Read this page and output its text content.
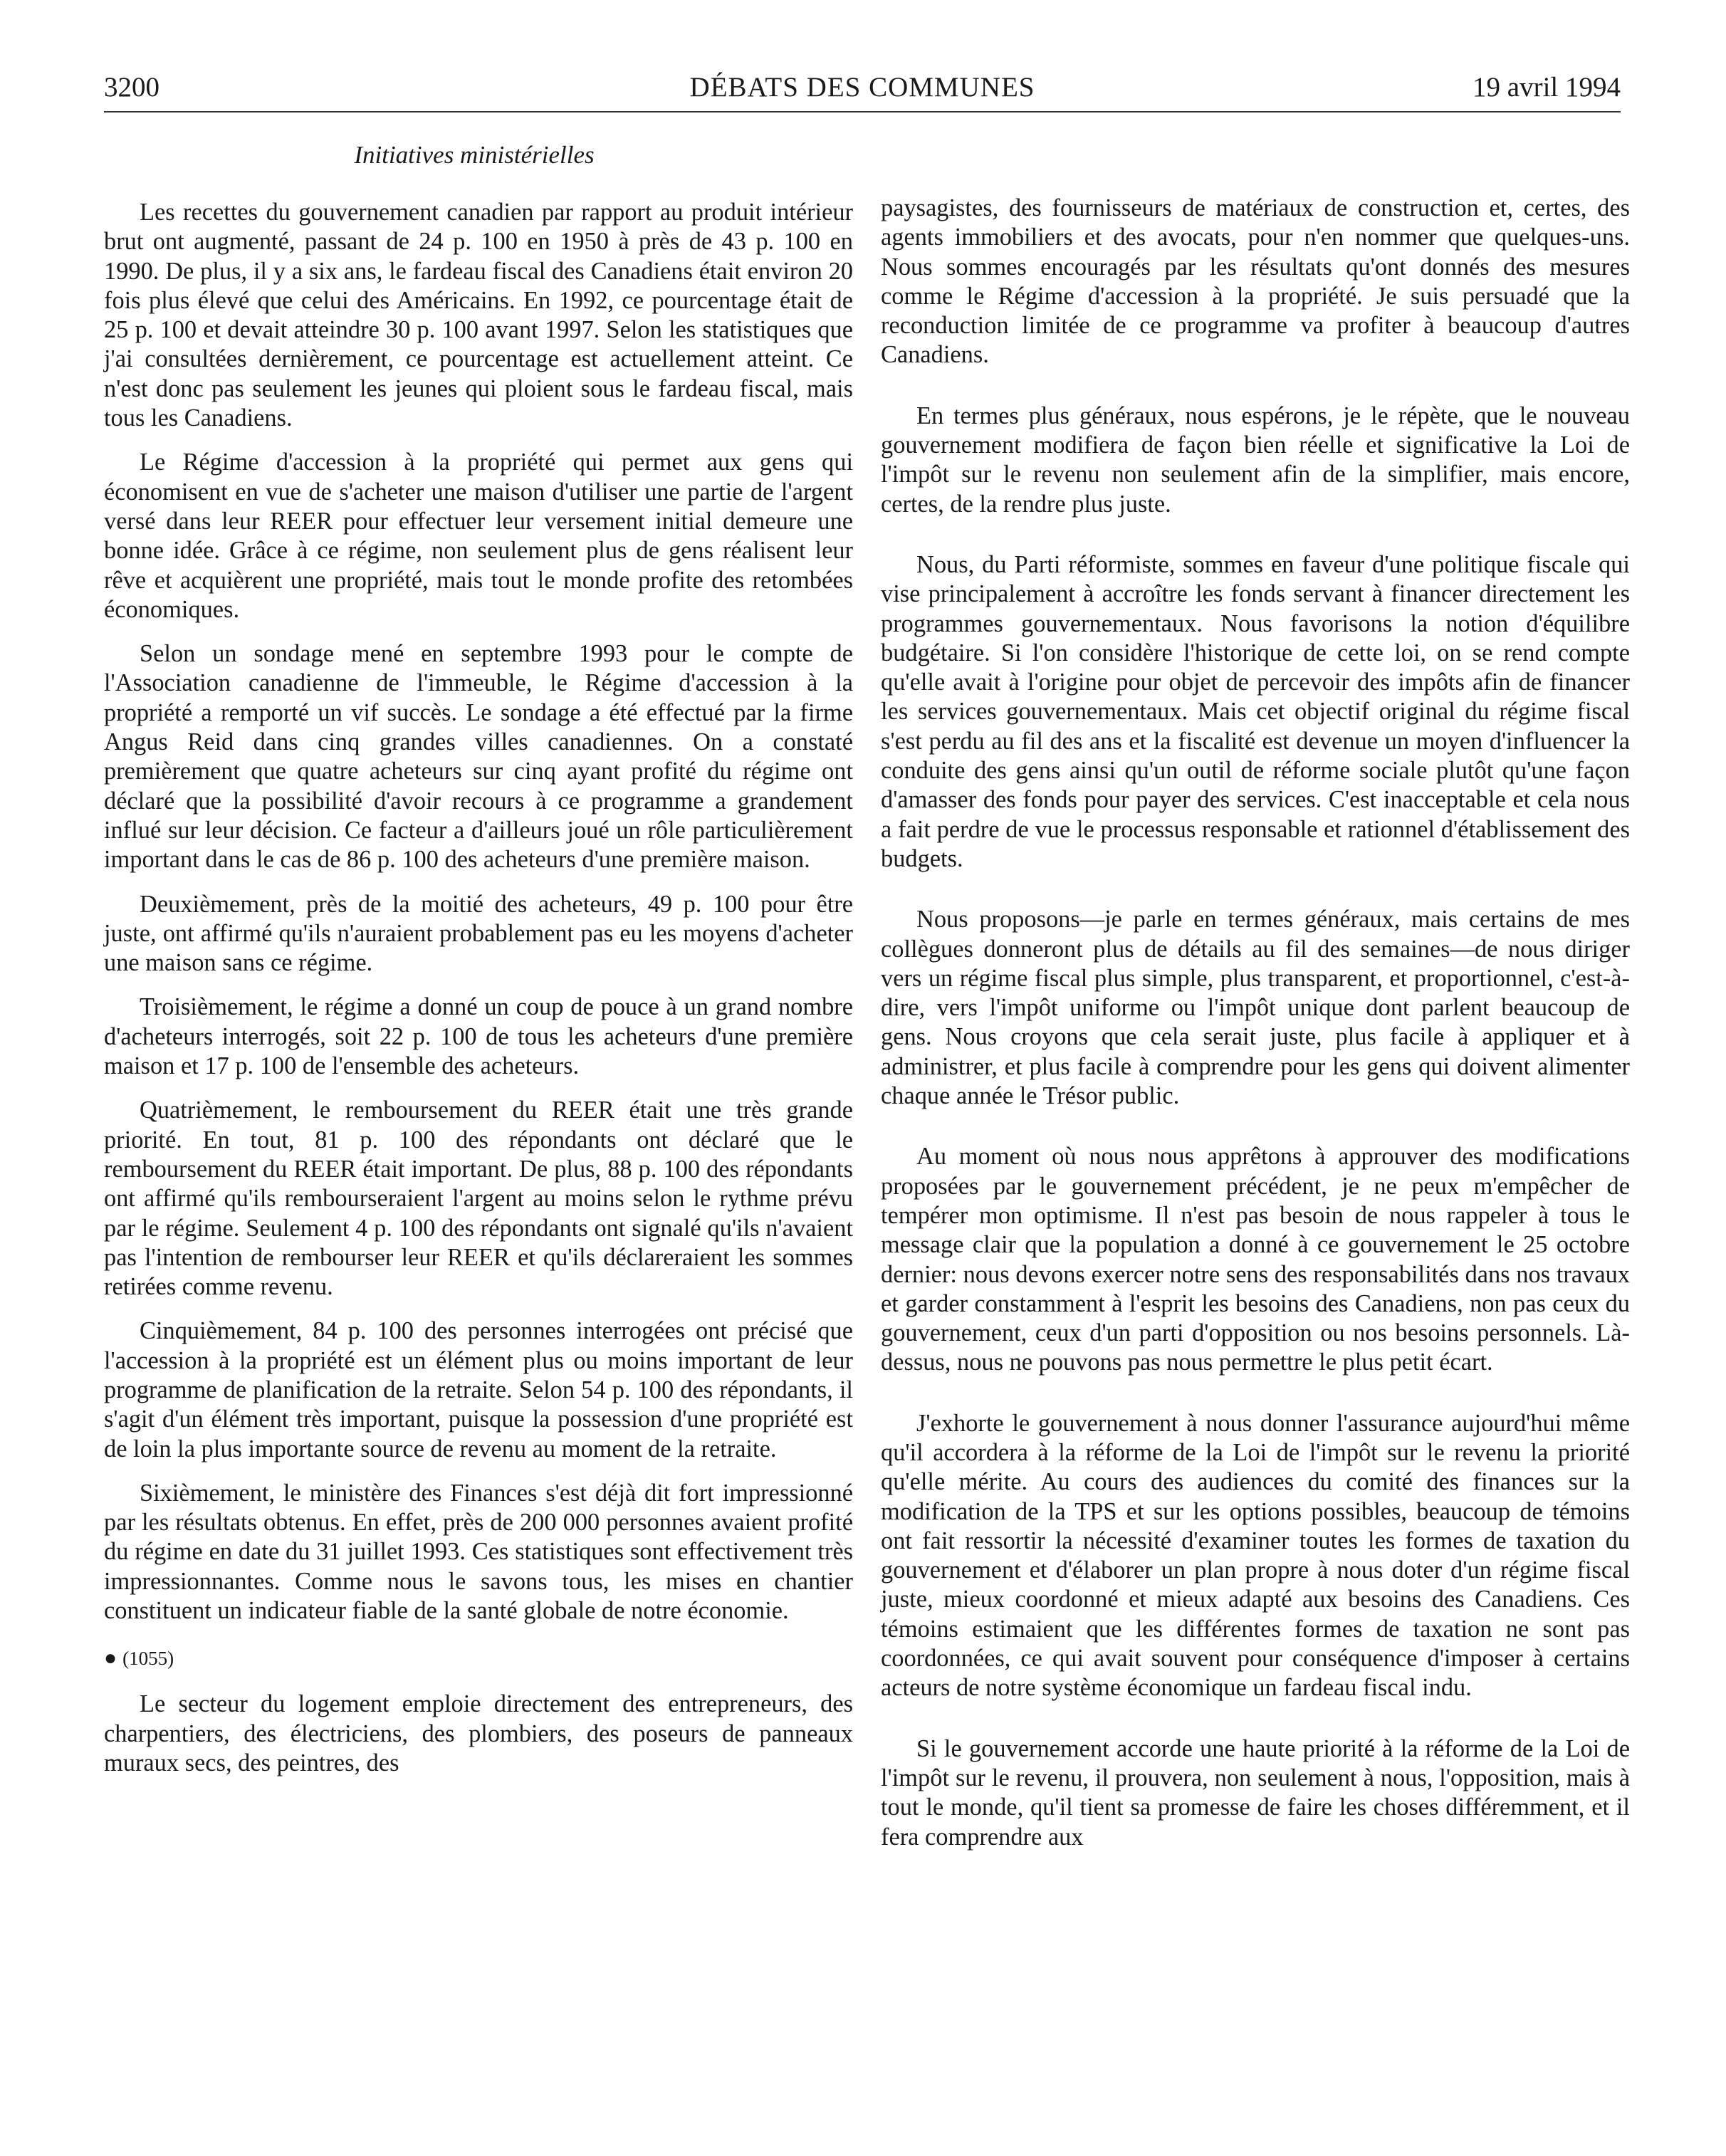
3200	DÉBATS DES COMMUNES	19 avril 1994
Initiatives ministérielles

Les recettes du gouvernement canadien par rapport au produit intérieur brut ont augmenté, passant de 24 p. 100 en 1950 à près de 43 p. 100 en 1990. De plus, il y a six ans, le fardeau fiscal des Canadiens était environ 20 fois plus élevé que celui des Américains. En 1992, ce pourcentage était de 25 p. 100 et devait atteindre 30 p. 100 avant 1997. Selon les statistiques que j'ai consultées dernièrement, ce pourcentage est actuellement atteint. Ce n'est donc pas seulement les jeunes qui ploient sous le fardeau fiscal, mais tous les Canadiens.

Le Régime d'accession à la propriété qui permet aux gens qui économisent en vue de s'acheter une maison d'utiliser une partie de l'argent versé dans leur REER pour effectuer leur versement initial demeure une bonne idée. Grâce à ce régime, non seulement plus de gens réalisent leur rêve et acquièrent une propriété, mais tout le monde profite des retombées économiques.

Selon un sondage mené en septembre 1993 pour le compte de l'Association canadienne de l'immeuble, le Régime d'accession à la propriété a remporté un vif succès. Le sondage a été effectué par la firme Angus Reid dans cinq grandes villes canadiennes. On a constaté premièrement que quatre acheteurs sur cinq ayant profité du régime ont déclaré que la possibilité d'avoir recours à ce programme a grandement influé sur leur décision. Ce facteur a d'ailleurs joué un rôle particulièrement important dans le cas de 86 p. 100 des acheteurs d'une première maison.

Deuxièmement, près de la moitié des acheteurs, 49 p. 100 pour être juste, ont affirmé qu'ils n'auraient probablement pas eu les moyens d'acheter une maison sans ce régime.

Troisièmement, le régime a donné un coup de pouce à un grand nombre d'acheteurs interrogés, soit 22 p. 100 de tous les acheteurs d'une première maison et 17 p. 100 de l'ensemble des acheteurs.

Quatrièmement, le remboursement du REER était une très grande priorité. En tout, 81 p. 100 des répondants ont déclaré que le remboursement du REER était important. De plus, 88 p. 100 des répondants ont affirmé qu'ils rembourseraient l'argent au moins selon le rythme prévu par le régime. Seulement 4 p. 100 des répondants ont signalé qu'ils n'avaient pas l'intention de rembourser leur REER et qu'ils déclareraient les sommes retirées comme revenu.

Cinquièmement, 84 p. 100 des personnes interrogées ont précisé que l'accession à la propriété est un élément plus ou moins important de leur programme de planification de la retraite. Selon 54 p. 100 des répondants, il s'agit d'un élément très important, puisque la possession d'une propriété est de loin la plus importante source de revenu au moment de la retraite.

Sixièmement, le ministère des Finances s'est déjà dit fort impressionné par les résultats obtenus. En effet, près de 200 000 personnes avaient profité du régime en date du 31 juillet 1993. Ces statistiques sont effectivement très impressionnantes. Comme nous le savons tous, les mises en chantier constituent un indicateur fiable de la santé globale de notre économie.

● (1055)

Le secteur du logement emploie directement des entrepreneurs, des charpentiers, des électriciens, des plombiers, des poseurs de panneaux muraux secs, des peintres, des

paysagistes, des fournisseurs de matériaux de construction et, certes, des agents immobiliers et des avocats, pour n'en nommer que quelques-uns. Nous sommes encouragés par les résultats qu'ont donnés des mesures comme le Régime d'accession à la propriété. Je suis persuadé que la reconduction limitée de ce programme va profiter à beaucoup d'autres Canadiens.

En termes plus généraux, nous espérons, je le répète, que le nouveau gouvernement modifiera de façon bien réelle et significative la Loi de l'impôt sur le revenu non seulement afin de la simplifier, mais encore, certes, de la rendre plus juste.

Nous, du Parti réformiste, sommes en faveur d'une politique fiscale qui vise principalement à accroître les fonds servant à financer directement les programmes gouvernementaux. Nous favorisons la notion d'équilibre budgétaire. Si l'on considère l'historique de cette loi, on se rend compte qu'elle avait à l'origine pour objet de percevoir des impôts afin de financer les services gouvernementaux. Mais cet objectif original du régime fiscal s'est perdu au fil des ans et la fiscalité est devenue un moyen d'influencer la conduite des gens ainsi qu'un outil de réforme sociale plutôt qu'une façon d'amasser des fonds pour payer des services. C'est inacceptable et cela nous a fait perdre de vue le processus responsable et rationnel d'établissement des budgets.

Nous proposons—je parle en termes généraux, mais certains de mes collègues donneront plus de détails au fil des semaines—de nous diriger vers un régime fiscal plus simple, plus transparent, et proportionnel, c'est-à-dire, vers l'impôt uniforme ou l'impôt unique dont parlent beaucoup de gens. Nous croyons que cela serait juste, plus facile à appliquer et à administrer, et plus facile à comprendre pour les gens qui doivent alimenter chaque année le Trésor public.

Au moment où nous nous apprêtons à approuver des modifications proposées par le gouvernement précédent, je ne peux m'empêcher de tempérer mon optimisme. Il n'est pas besoin de nous rappeler à tous le message clair que la population a donné à ce gouvernement le 25 octobre dernier: nous devons exercer notre sens des responsabilités dans nos travaux et garder constamment à l'esprit les besoins des Canadiens, non pas ceux du gouvernement, ceux d'un parti d'opposition ou nos besoins personnels. Là-dessus, nous ne pouvons pas nous permettre le plus petit écart.

J'exhorte le gouvernement à nous donner l'assurance aujourd'hui même qu'il accordera à la réforme de la Loi de l'impôt sur le revenu la priorité qu'elle mérite. Au cours des audiences du comité des finances sur la modification de la TPS et sur les options possibles, beaucoup de témoins ont fait ressortir la nécessité d'examiner toutes les formes de taxation du gouvernement et d'élaborer un plan propre à nous doter d'un régime fiscal juste, mieux coordonné et mieux adapté aux besoins des Canadiens. Ces témoins estimaient que les différentes formes de taxation ne sont pas coordonnées, ce qui avait souvent pour conséquence d'imposer à certains acteurs de notre système économique un fardeau fiscal indu.

Si le gouvernement accorde une haute priorité à la réforme de la Loi de l'impôt sur le revenu, il prouvera, non seulement à nous, l'opposition, mais à tout le monde, qu'il tient sa promesse de faire les choses différemment, et il fera comprendre aux
